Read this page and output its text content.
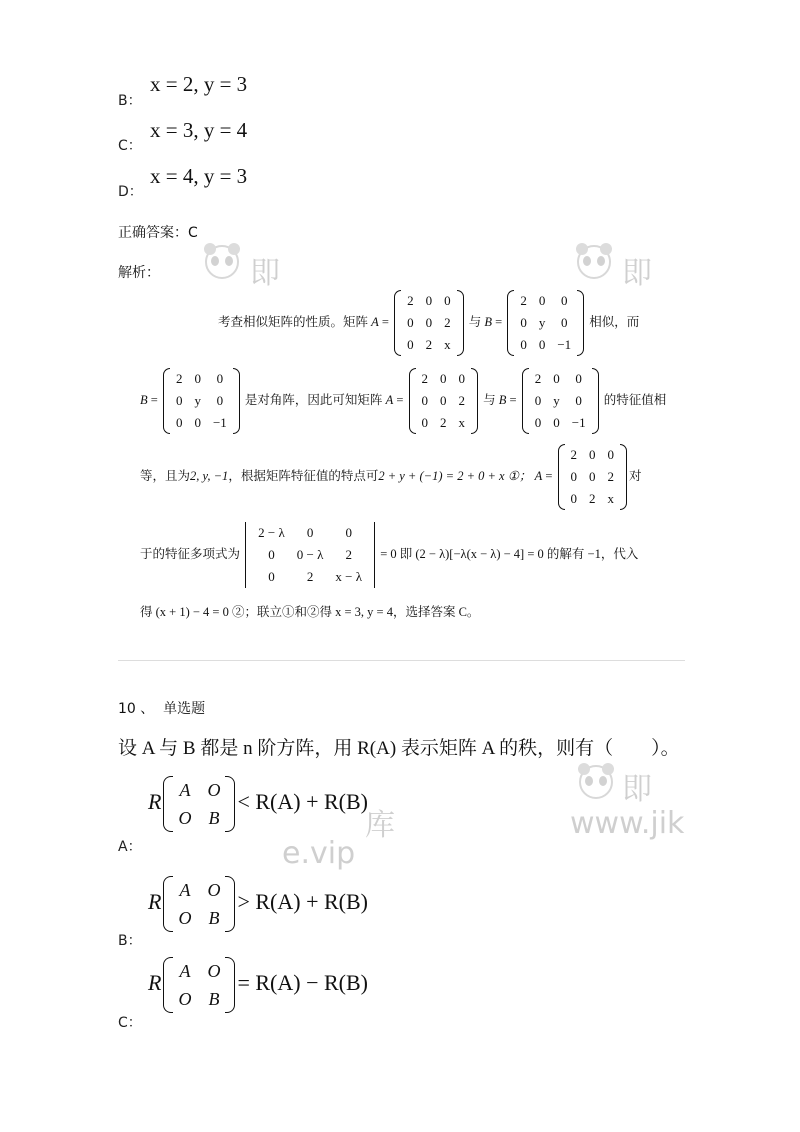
x = 2, y = 3
B：
x = 3, y = 4
C：
x = 4, y = 3
D：
正确答案：C
解析：	即	即
考查相似矩阵的性质。矩阵 A =
2	0	0
0	0	2
0	2	x
与 B =
2	0	0
0	y	0
0	0	−1
相似，而
B =
2	0	0
0	y	0
0	0	−1
是对角阵，因此可知矩阵 A =
2	0	0
0	0	2
0	2	x
与 B =
2	0	0
0	y	0
0	0	−1
的特征值相
等，且为2, y, −1，根据矩阵特征值的特点可2 + y + (−1) = 2 + 0 + x ①； A =
2	0	0
0	0	2
0	2	x
对
于的特征多项式为
2 − λ	0	0
0	0 − λ	2
0	2	x − λ
= 0 即 (2 − λ)[−λ(x − λ) − 4] = 0 的解有 −1，代入
得 (x + 1) − 4 = 0 ②；联立①和②得 x = 3, y = 4，选择答案 C。
10 、 单选题
设 A 与 B 都是 n 阶方阵，用 R(A) 表示矩阵 A 的秩，则有（　　）。
即
www.jik
库
e.vip
R A	O
O	B
< R(A) + R(B)
A：
R A	O
O	B
> R(A) + R(B)
B：
R A	O
O	B
= R(A) − R(B)
C：
